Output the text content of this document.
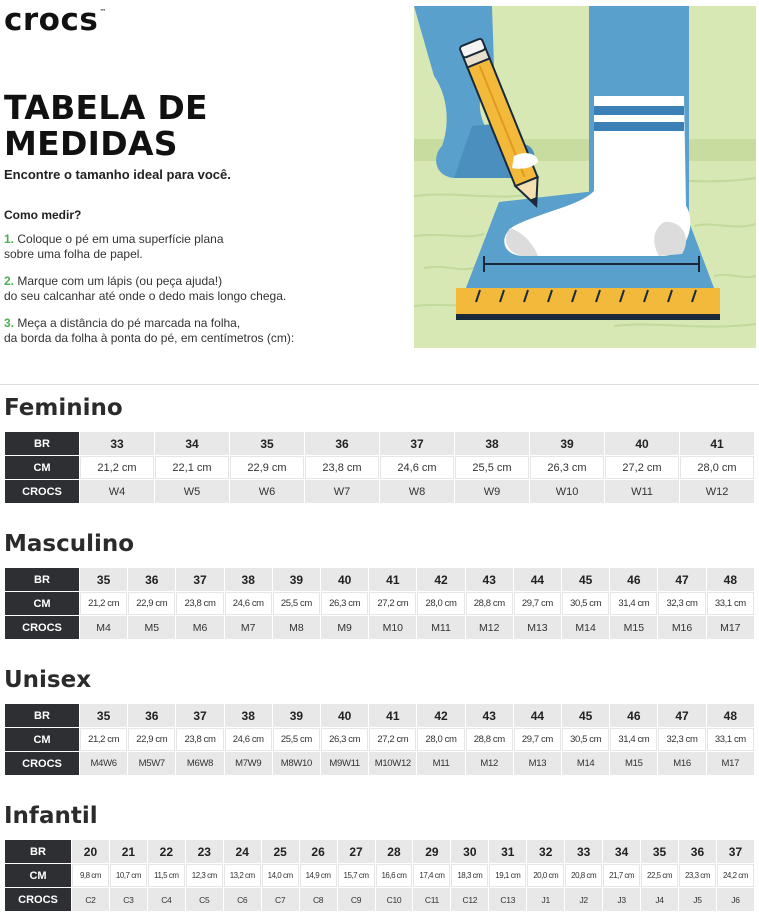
crocs™
TABELA DE
MEDIDAS
Encontre o tamanho ideal para você.
Como medir?
1. Coloque o pé em uma superfície plana
sobre uma folha de papel.
2. Marque com um lápis (ou peça ajuda!)
do seu calcanhar até onde o dedo mais longo chega.
3. Meça a distância do pé marcada na folha,
da borda da folha à ponta do pé, em centímetros (cm):
Feminino
BR	33	34	35	36	37	38	39	40	41
CM	21,2 cm	22,1 cm	22,9 cm	23,8 cm	24,6 cm	25,5 cm	26,3 cm	27,2 cm	28,0 cm
CROCS	W4	W5	W6	W7	W8	W9	W10	W11	W12
Masculino
BR	35	36	37	38	39	40	41	42	43	44	45	46	47	48
CM	21,2 cm	22,9 cm	23,8 cm	24,6 cm	25,5 cm	26,3 cm	27,2 cm	28,0 cm	28,8 cm	29,7 cm	30,5 cm	31,4 cm	32,3 cm	33,1 cm
CROCS	M4	M5	M6	M7	M8	M9	M10	M11	M12	M13	M14	M15	M16	M17
Unisex
BR	35	36	37	38	39	40	41	42	43	44	45	46	47	48
CM	21,2 cm	22,9 cm	23,8 cm	24,6 cm	25,5 cm	26,3 cm	27,2 cm	28,0 cm	28,8 cm	29,7 cm	30,5 cm	31,4 cm	32,3 cm	33,1 cm
CROCS	M4W6	M5W7	M6W8	M7W9	M8W10	M9W11	M10W12	M11	M12	M13	M14	M15	M16	M17
Infantil
BR	20	21	22	23	24	25	26	27	28	29	30	31	32	33	34	35	36	37
CM	9,8 cm	10,7 cm	11,5 cm	12,3 cm	13,2 cm	14,0 cm	14,9 cm	15,7 cm	16,6 cm	17,4 cm	18,3 cm	19,1 cm	20,0 cm	20,8 cm	21,7 cm	22,5 cm	23,3 cm	24,2 cm
CROCS	C2	C3	C4	C5	C6	C7	C8	C9	C10	C11	C12	C13	J1	J2	J3	J4	J5	J6
